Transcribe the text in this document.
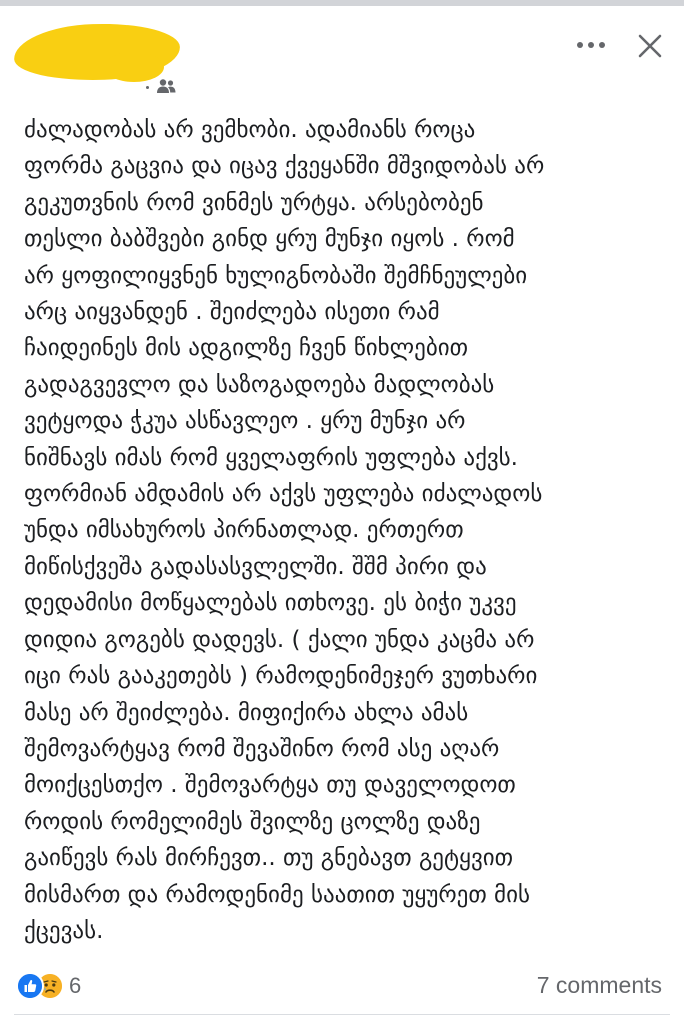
ძალადობას არ ვემხობი. ადამიანს როცა
ფორმა გაცვია და იცავ ქვეყანში მშვიდობას არ
გეკუთვნის რომ ვინმეს ურტყა. არსებობენ
თესლი ბაბშვები გინდ ყრუ მუნჯი იყოს . რომ
არ ყოფილიყვნენ ხულიგნობაში შემჩნეულები
არც აიყვანდენ . შეიძლება ისეთი რამ
ჩაიდეინეს მის ადგილზე ჩვენ წიხლებით
გადაგვევლო და საზოგადოება მადლობას
ვეტყოდა ჭკუა ასწავლეო . ყრუ მუნჯი არ
ნიშნავს იმას რომ ყველაფრის უფლება აქვს.
ფორმიან ამდამის არ აქვს უფლება იძალადოს
უნდა იმსახუროს პირნათლად. ერთერთ
მიწისქვეშა გადასასვლელში. შშმ პირი და
დედამისი მოწყალებას ითხოვე. ეს ბიჭი უკვე
დიდია გოგებს დადევს. ( ქალი უნდა კაცმა არ
იცი რას გააკეთებს ) რამოდენიმეჯერ ვუთხარი
მასე არ შეიძლება. მიფიქირა ახლა ამას
შემოვარტყავ რომ შევაშინო რომ ასე აღარ
მოიქცესთქო . შემოვარტყა თუ დაველოდოთ
როდის რომელიმეს შვილზე ცოლზე დაზე
გაიწევს რას მირჩევთ.. თუ გნებავთ გეტყვით
მისმართ და რამოდენიმე საათით უყურეთ მის
ქცევას.

6	7 comments
